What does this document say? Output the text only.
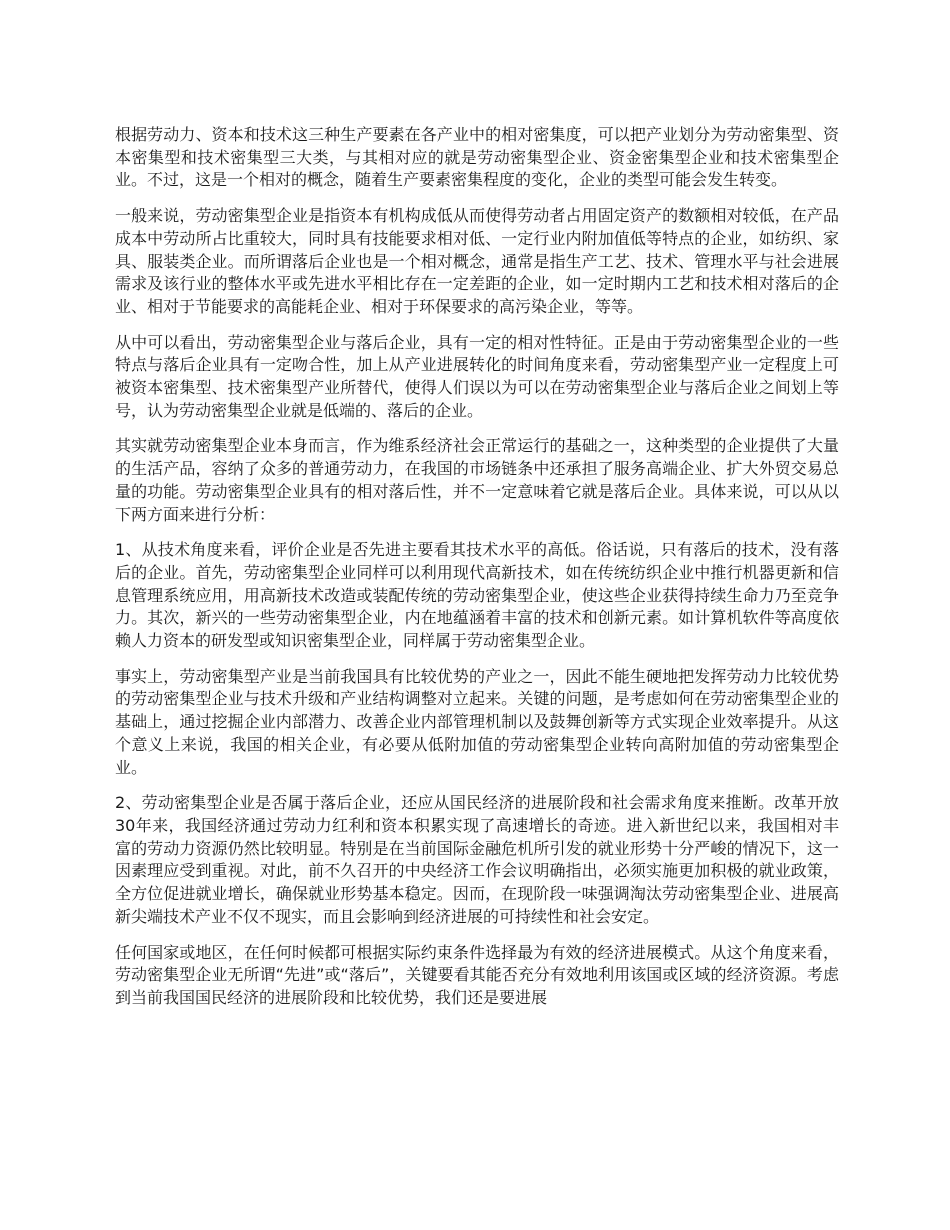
根据劳动力、资本和技术这三种生产要素在各产业中的相对密集度，可以把产业划分为劳动密集型、资本密集型和技术密集型三大类，与其相对应的就是劳动密集型企业、资金密集型企业和技术密集型企业。不过，这是一个相对的概念，随着生产要素密集程度的变化，企业的类型可能会发生转变。

一般来说，劳动密集型企业是指资本有机构成低从而使得劳动者占用固定资产的数额相对较低，在产品成本中劳动所占比重较大，同时具有技能要求相对低、一定行业内附加值低等特点的企业，如纺织、家具、服装类企业。而所谓落后企业也是一个相对概念，通常是指生产工艺、技术、管理水平与社会进展需求及该行业的整体水平或先进水平相比存在一定差距的企业，如一定时期内工艺和技术相对落后的企业、相对于节能要求的高能耗企业、相对于环保要求的高污染企业，等等。

从中可以看出，劳动密集型企业与落后企业，具有一定的相对性特征。正是由于劳动密集型企业的一些特点与落后企业具有一定吻合性，加上从产业进展转化的时间角度来看，劳动密集型产业一定程度上可被资本密集型、技术密集型产业所替代，使得人们误以为可以在劳动密集型企业与落后企业之间划上等号，认为劳动密集型企业就是低端的、落后的企业。

其实就劳动密集型企业本身而言，作为维系经济社会正常运行的基础之一，这种类型的企业提供了大量的生活产品，容纳了众多的普通劳动力，在我国的市场链条中还承担了服务高端企业、扩大外贸交易总量的功能。劳动密集型企业具有的相对落后性，并不一定意味着它就是落后企业。具体来说，可以从以下两方面来进行分析：

1、从技术角度来看，评价企业是否先进主要看其技术水平的高低。俗话说，只有落后的技术，没有落后的企业。首先，劳动密集型企业同样可以利用现代高新技术，如在传统纺织企业中推行机器更新和信息管理系统应用，用高新技术改造或装配传统的劳动密集型企业，使这些企业获得持续生命力乃至竞争力。其次，新兴的一些劳动密集型企业，内在地蕴涵着丰富的技术和创新元素。如计算机软件等高度依赖人力资本的研发型或知识密集型企业，同样属于劳动密集型企业。

事实上，劳动密集型产业是当前我国具有比较优势的产业之一，因此不能生硬地把发挥劳动力比较优势的劳动密集型企业与技术升级和产业结构调整对立起来。关键的问题，是考虑如何在劳动密集型企业的基础上，通过挖掘企业内部潜力、改善企业内部管理机制以及鼓舞创新等方式实现企业效率提升。从这个意义上来说，我国的相关企业，有必要从低附加值的劳动密集型企业转向高附加值的劳动密集型企业。

2、劳动密集型企业是否属于落后企业，还应从国民经济的进展阶段和社会需求角度来推断。改革开放30年来，我国经济通过劳动力红利和资本积累实现了高速增长的奇迹。进入新世纪以来，我国相对丰富的劳动力资源仍然比较明显。特别是在当前国际金融危机所引发的就业形势十分严峻的情况下，这一因素理应受到重视。对此，前不久召开的中央经济工作会议明确指出，必须实施更加积极的就业政策，全方位促进就业增长，确保就业形势基本稳定。因而，在现阶段一味强调淘汰劳动密集型企业、进展高新尖端技术产业不仅不现实，而且会影响到经济进展的可持续性和社会安定。

任何国家或地区，在任何时候都可根据实际约束条件选择最为有效的经济进展模式。从这个角度来看，劳动密集型企业无所谓“先进”或“落后”，关键要看其能否充分有效地利用该国或区域的经济资源。考虑到当前我国国民经济的进展阶段和比较优势，我们还是要进展
